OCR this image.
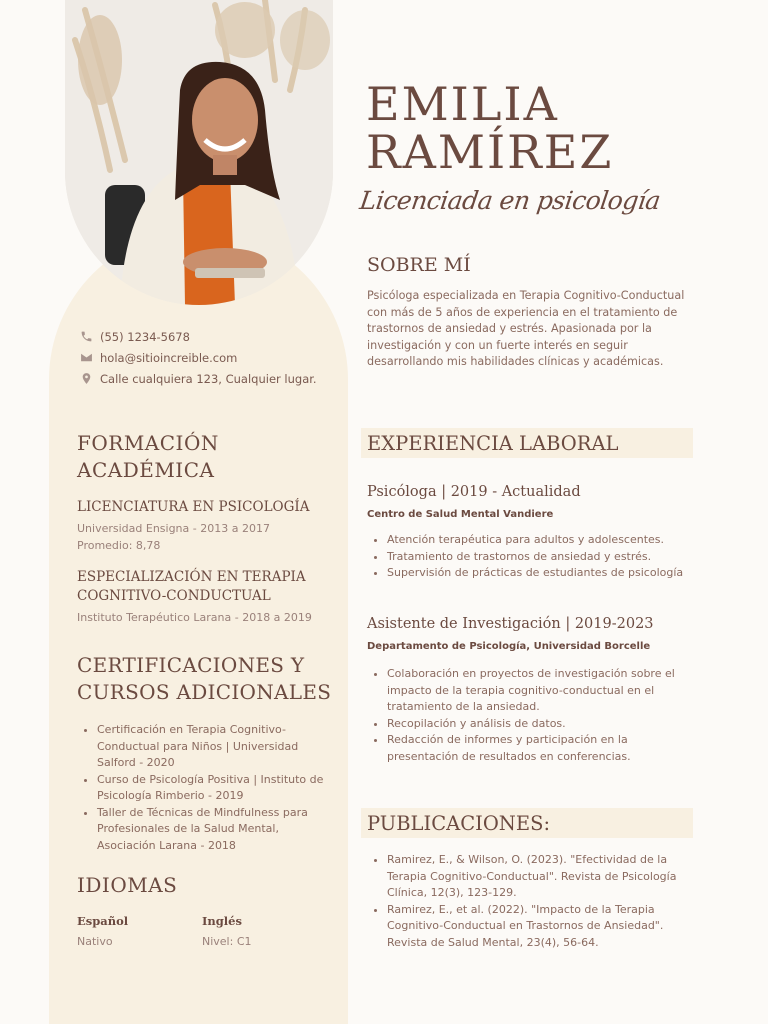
EMILIA
RAMÍREZ
Licenciada en psicología
SOBRE MÍ

Psicóloga especializada en Terapia Cognitivo-Conductual con más de 5 años de experiencia en el tratamiento de trastornos de ansiedad y estrés. Apasionada por la investigación y con un fuerte interés en seguir desarrollando mis habilidades clínicas y académicas.

(55) 1234-5678
hola@sitioincreible.com
Calle cualquiera 123, Cualquier lugar.
FORMACIÓN ACADÉMICA
LICENCIATURA EN PSICOLOGÍA
Universidad Ensigna - 2013 a 2017
Promedio: 8,78
ESPECIALIZACIÓN EN TERAPIA COGNITIVO-CONDUCTUAL
Instituto Terapéutico Larana - 2018 a 2019
CERTIFICACIONES Y CURSOS ADICIONALES
• Certificación en Terapia Cognitivo-Conductual para Niños | Universidad Salford - 2020
• Curso de Psicología Positiva | Instituto de Psicología Rimberio - 2019
• Taller de Técnicas de Mindfulness para Profesionales de la Salud Mental, Asociación Larana - 2018
IDIOMAS
Español
Nativo
Inglés
Nivel: C1
EXPERIENCIA LABORAL
Psicóloga | 2019 - Actualidad
Centro de Salud Mental Vandiere
• Atención terapéutica para adultos y adolescentes.
• Tratamiento de trastornos de ansiedad y estrés.
• Supervisión de prácticas de estudiantes de psicología
Asistente de Investigación | 2019-2023
Departamento de Psicología, Universidad Borcelle
• Colaboración en proyectos de investigación sobre el impacto de la terapia cognitivo-conductual en el tratamiento de la ansiedad.
• Recopilación y análisis de datos.
• Redacción de informes y participación en la presentación de resultados en conferencias.
PUBLICACIONES:
• Ramirez, E., & Wilson, O. (2023). "Efectividad de la Terapia Cognitivo-Conductual". Revista de Psicología Clínica, 12(3), 123-129.
• Ramirez, E., et al. (2022). "Impacto de la Terapia Cognitivo-Conductual en Trastornos de Ansiedad". Revista de Salud Mental, 23(4), 56-64.
